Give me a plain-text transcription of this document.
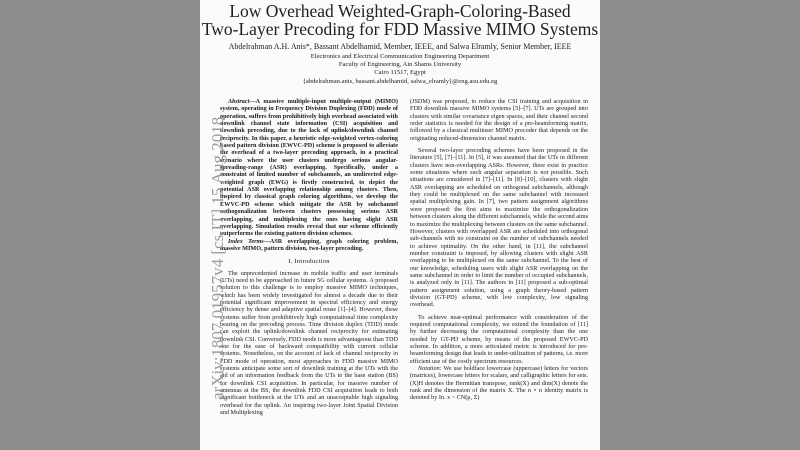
Low Overhead Weighted-Graph-Coloring-Based
Two-Layer Precoding for FDD Massive MIMO Systems
Abdelrahman A.H. Anis*, Bassant Abdelhamid, Member, IEEE, and Salwa Elramly, Senior Member, IEEE
Electronics and Electrical Communication Engineering Department
Faculty of Engineering, Ain Shams University
Cairo 11517, Egypt
{abdelrahman.anis, bassant.abdelhamid, salwa_elramly}@eng.asu.edu.eg

Abstract—A massive multiple-input multiple-output (MIMO) system, operating in Frequency Division Duplexing (FDD) mode of operation, suffers from prohibitively high overhead associated with downlink channel state information (CSI) acquisition and downlink precoding, due to the lack of uplink/downlink channel reciprocity. In this paper, a heuristic edge-weighted vertex-coloring based pattern division (EWVC-PD) scheme is proposed to alleviate the overhead of a two-layer precoding approach, in a practical scenario where the user clusters undergo serious angular-spreading-range (ASR) overlapping. Specifically, under a constraint of limited number of subchannels, an undirected edge-weighted graph (EWG) is firstly constructed, to depict the potential ASR overlapping relationship among clusters. Then, inspired by classical graph coloring algorithms, we develop the EWVC-PD scheme which mitigate the ASR by subchannel orthogonalization between clusters possessing serious ASR overlapping, and multiplexing the ones having slight ASR overlapping. Simulation results reveal that our scheme efficiently outperforms the existing pattern division schemes.

Index Terms—ASR overlapping, graph coloring problem, massive MIMO, pattern division, two-layer precoding.

I. Introduction

The unprecedented increase in mobile traffic and user terminals (UTs) need to be approached in future 5G cellular systems. A proposed solution to this challenge is to employ massive MIMO techniques, which has been widely investigated for almost a decade due to their potential significant improvement in spectral efficiency and energy efficiency by dense and adaptive spatial reuse [1]–[4]. However, these systems suffer from prohibitively high computational time complexity bearing on the precoding process. Time division duplex (TDD) mode can exploit the uplink/downlink channel reciprocity for estimating downlink CSI. Conversely, FDD mode is more advantageous than TDD one for the ease of backward compatibility with current cellular systems. Nonetheless, on the account of lack of channel reciprocity in FDD mode of operation, most approaches in FDD massive MIMO systems anticipate some sort of downlink training at the UTs with the aid of an information feedback from the UTs to the base station (BS) for downlink CSI acquisition. In particular, for massive number of antennas at the BS, the downlink FDD CSI acquisition leads to both significant bottleneck at the UTs and an unacceptable high signaling overhead for the uplink. An inspiring two-layer Joint Spatial Division and Multiplexing

(JSDM) was proposed, to reduce the CSI training and acquisition in FDD downlink massive MIMO systems [5]–[7]. UTs are grouped into clusters with similar covariance eigen spaces, and their channel second order statistics is needed for the design of a pre-beamforming matrix, followed by a classical multiuser MIMO precoder that depends on the originating reduced-dimension channel matrix.

Several two-layer precoding schemes have been proposed in the literature [5], [7]–[11]. In [5], it was assumed that the UTs in different clusters have non-overlapping ASRs. However, there exist in practice some situations where such angular separation is not possible. Such situations are considered in [7]–[11]. In [8]–[10], clusters with slight ASR overlapping are scheduled on orthogonal subchannels, although they could be multiplexed on the same subchannel with increased spatial multiplexing gain. In [7], two pattern assignment algorithms were proposed: the first aims to maximize the orthogonalization between clusters along the different subchannels, while the second aims to maximize the multiplexing between clusters on the same subchannel. However, clusters with overlapped ASR are scheduled into orthogonal sub-channels with no constraint on the number of subchannels needed to achieve optimality. On the other hand, in [11], the subchannel number constraint is imposed, by allowing clusters with slight ASR overlapping to be multiplexed on the same subchannel. To the best of our knowledge, scheduling users with slight ASR overlapping on the same subchannel in order to limit the number of occupied subchannels, is analyzed only in [11]. The authors in [11] proposed a sub-optimal pattern assignment solution, using a graph theory-based pattern division (GT-PD) scheme, with low complexity, low signaling overhead.

To achieve near-optimal performance with consideration of the required computational complexity, we extend the foundation of [11] by further decreasing the computational complexity than the one needed by GT-PD scheme, by means of the proposed EWVC-PD scheme. In addition, a more articulated metric is introduced for pre-beamforming design that leads to under-utilization of patterns, i.e. more efficient use of the costly spectrum resources.

Notation: We use boldface lowercase (uppercase) letters for vectors (matrices), lowercase letters for scalars, and calligraphic letters for sets. (X)H denotes the Hermitian transpose, rank(X) and dim(X) denote the rank and the dimension of the matrix X. The n × n identity matrix is denoted by In. x ~ CN(μ, Σ)

arXiv:1807.01957v4 [cs.IT] 15 Aug 2018
